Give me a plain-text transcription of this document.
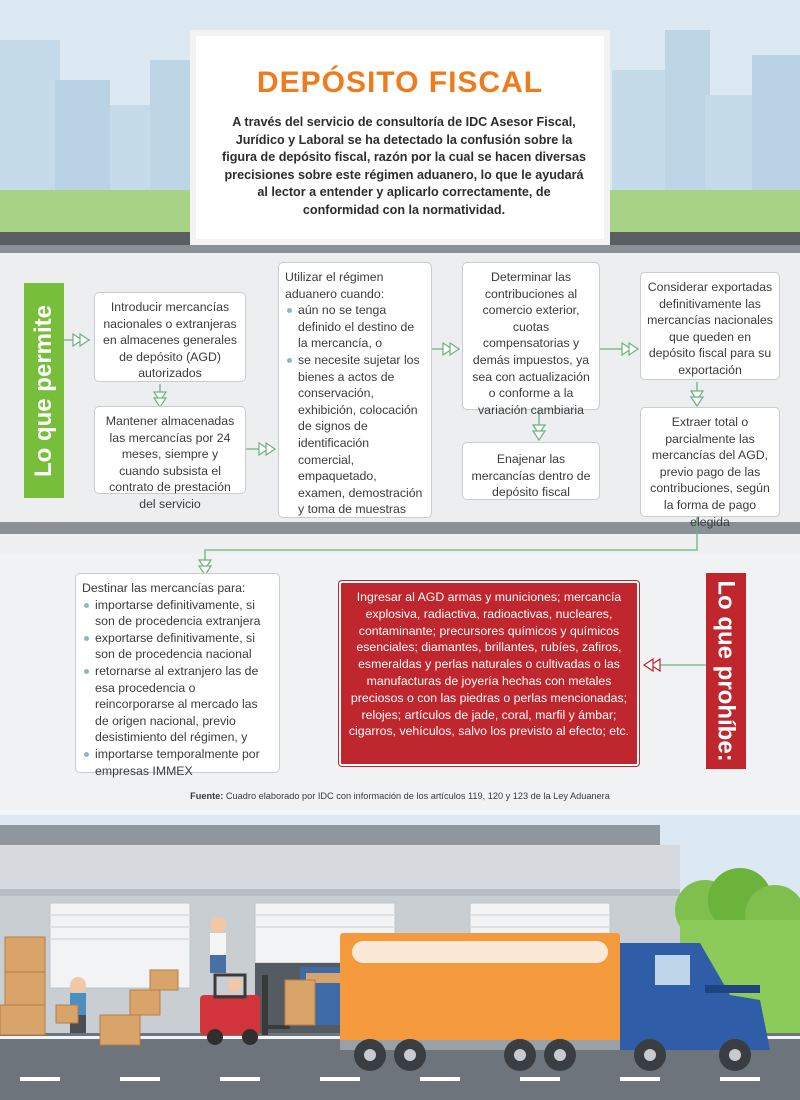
DEPÓSITO FISCAL
A través del servicio de consultoría de IDC Asesor Fiscal, Jurídico y Laboral se ha detectado la confusión sobre la figura de depósito fiscal, razón por la cual se hacen diversas precisiones sobre este régimen aduanero, lo que le ayudará al lector a entender y aplicarlo correctamente, de conformidad con la normatividad.
Lo que permite	Introducir mercancías nacionales o extranjeras en almacenes generales de depósito (AGD) autorizados
Mantener almacenadas las mercancías por 24 meses, siempre y cuando subsista el contrato de prestación del servicio
Utilizar el régimen aduanero cuando:
aún no se tenga definido el destino de la mercancía, o
se necesite sujetar los bienes a actos de conservación, exhibición, colocación de signos de identificación comercial, empaquetado, examen, demostración y toma de muestras
Determinar las contribuciones al comercio exterior, cuotas compensatorias y demás impuestos, ya sea con actualización o conforme a la variación cambiaria
Enajenar las mercancías dentro de depósito fiscal
Considerar exportadas definitivamente las mercancías nacionales que queden en depósito fiscal para su exportación
Extraer total o parcialmente las mercancías del AGD, previo pago de las contribuciones, según la forma de pago elegida
Destinar las mercancías para:
importarse definitivamente, si son de procedencia extranjera
exportarse definitivamente, si son de procedencia nacional
retornarse al extranjero las de esa procedencia o reincorporarse al mercado las de origen nacional, previo desistimiento del régimen, y
importarse temporalmente por empresas IMMEX
Ingresar al AGD armas y municiones; mercancía explosiva, radiactiva, radioactivas, nucleares, contaminante; precursores químicos y químicos esenciales; diamantes, brillantes, rubíes, zafiros, esmeraldas y perlas naturales o cultivadas o las manufacturas de joyería hechas con metales preciosos o con las piedras o perlas mencionadas; relojes; artículos de jade, coral, marfil y ámbar; cigarros, vehículos, salvo los previsto al efecto; etc.	Lo que prohíbe:
Fuente: Cuadro elaborado por IDC con información de los artículos 119, 120 y 123 de la Ley Aduanera
